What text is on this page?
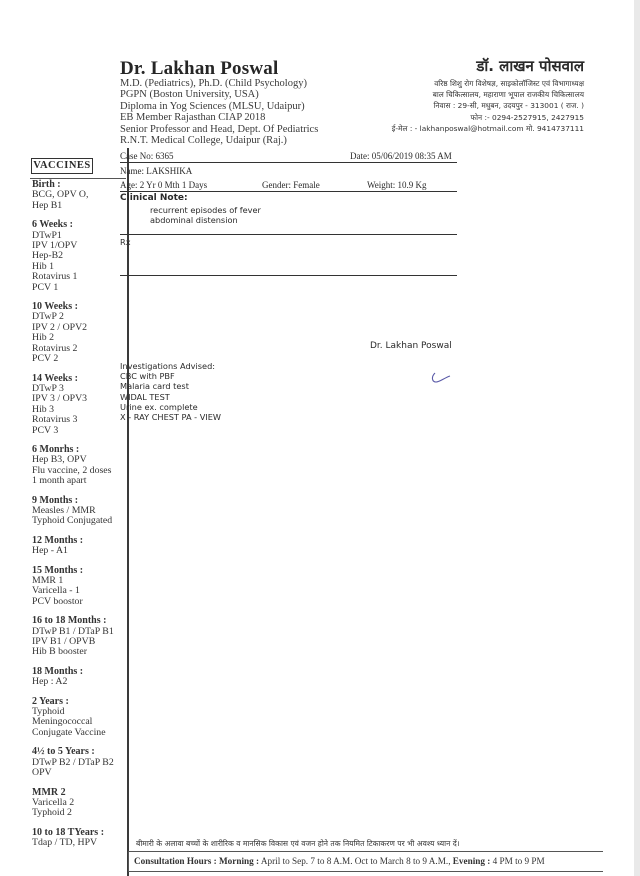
Dr. Lakhan Poswal
M.D. (Pediatrics), Ph.D. (Child Psychology)
PGPN (Boston University, USA)
Diploma in Yog Sciences (MLSU, Udaipur)
EB Member Rajasthan CIAP 2018
Senior Professor and Head, Dept. Of Pediatrics
R.N.T. Medical College, Udaipur (Raj.)
डॉ. लाखन पोसवाल
वरिष्ठ शिशु रोग विशेषज्ञ, साइकोलॉजिस्ट एवं विभागाध्यक्ष
बाल चिकित्सालय, महाराणा भूपाल राजकीय चिकित्सालय
निवास : 29-सी, मधुबन, उदयपुर - 313001 ( राज. )
फोन :- 0294-2527915, 2427915
ई-मेल : - lakhanposwal@hotmail.com मो. 9414737111
VACCINES
Birth :
BCG, OPV O,
Hep B1
6 Weeks :
DTwP1
IPV 1/OPV
Hep-B2
Hib 1
Rotavirus 1
PCV 1
10 Weeks :
DTwP 2
IPV 2 / OPV2
Hib 2
Rotavirus 2
PCV 2
14 Weeks :
DTwP 3
IPV 3 / OPV3
Hib 3
Rotavirus 3
PCV 3
6 Monrhs :
Hep B3, OPV
Flu vaccine, 2 doses
1 month apart
9 Months :
Measles / MMR
Typhoid Conjugated
12 Months :
Hep - A1
15 Months :
MMR 1
Varicella - 1
PCV boostor
16 to 18 Months :
DTwP B1 / DTaP B1
IPV B1 / OPVB
Hib B booster
18 Months :
Hep : A2
2 Years :
Typhoid
Meningococcal
Conjugate Vaccine
4½ to 5 Years :
DTwP B2 / DTaP B2
OPV
MMR 2
Varicella 2
Typhoid 2
10 to 18 TYears :
Tdap / TD, HPV
Case No: 6365	Date: 05/06/2019 08:35 AM
Name: LAKSHIKA
Age: 2 Yr 0 Mth 1 Days	Gender: Female	Weight: 10.9 Kg
Clinical Note:
recurrent episodes of fever
abdominal distension
Rx
Dr. Lakhan Poswal
Investigations Advised:
CBC with PBF
Malaria card test
WIDAL TEST
Urine ex. complete
X - RAY CHEST PA - VIEW
बीमारी के अलावा बच्चों के शारीरिक व मानसिक विकास एवं वजन होने तक नियमित टिकाकरण पर भी अवश्य ध्यान दें।
Consultation Hours : Morning : April to Sep. 7 to 8 A.M. Oct to March 8 to 9 A.M., Evening : 4 PM to 9 PM
